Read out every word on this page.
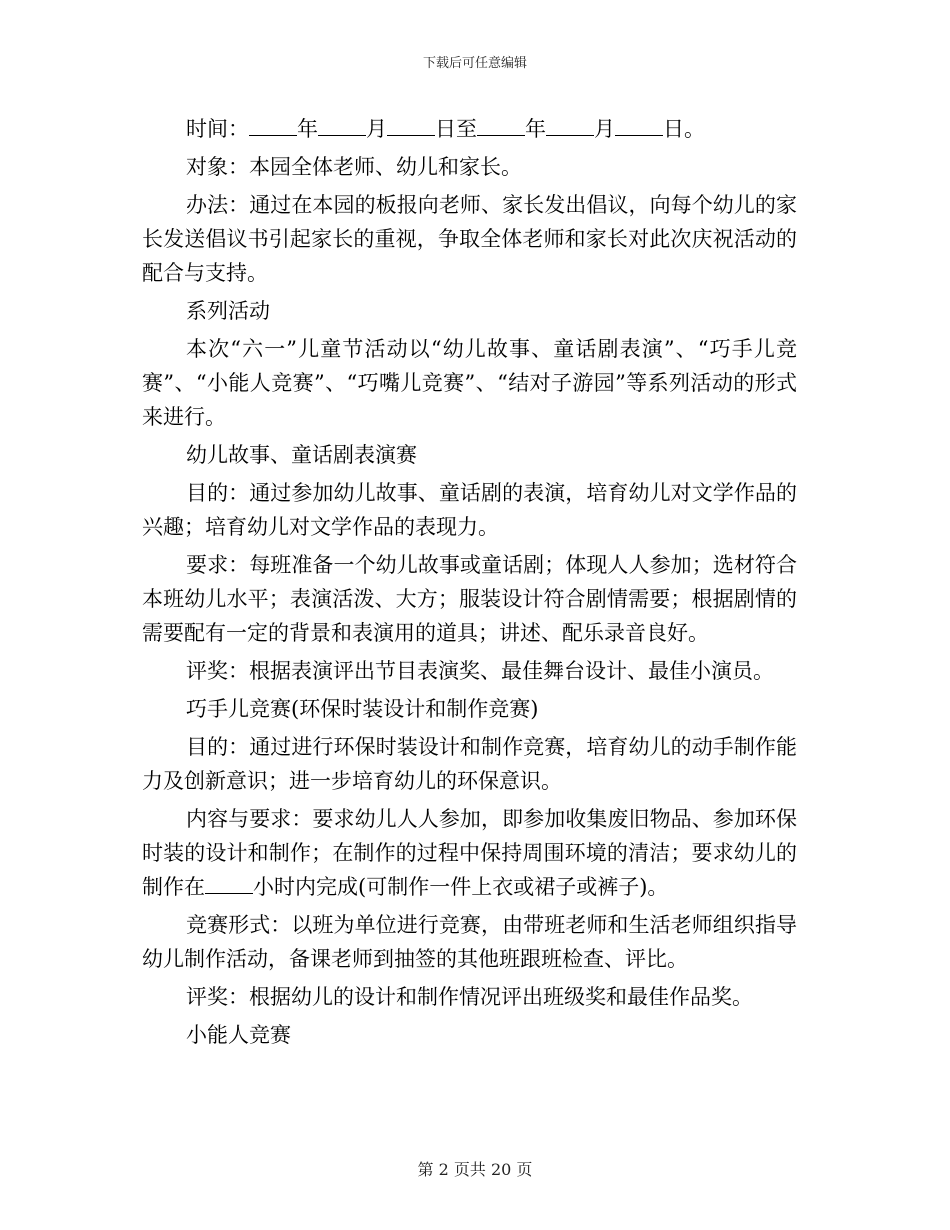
下载后可任意编辑

时间： 年 月 日至 年 月 日。

对象：本园全体老师、幼儿和家长。

办法：通过在本园的板报向老师、家长发出倡议，向每个幼儿的家长发送倡议书引起家长的重视，争取全体老师和家长对此次庆祝活动的配合与支持。

系列活动

本次“六一”儿童节活动以“幼儿故事、童话剧表演”、“巧手儿竞赛”、“小能人竞赛”、“巧嘴儿竞赛”、“结对子游园”等系列活动的形式来进行。

幼儿故事、童话剧表演赛

目的：通过参加幼儿故事、童话剧的表演，培育幼儿对文学作品的兴趣；培育幼儿对文学作品的表现力。

要求：每班准备一个幼儿故事或童话剧；体现人人参加；选材符合本班幼儿水平；表演活泼、大方；服装设计符合剧情需要；根据剧情的需要配有一定的背景和表演用的道具；讲述、配乐录音良好。

评奖：根据表演评出节目表演奖、最佳舞台设计、最佳小演员。

巧手儿竞赛(环保时装设计和制作竞赛)

目的：通过进行环保时装设计和制作竞赛，培育幼儿的动手制作能力及创新意识；进一步培育幼儿的环保意识。

内容与要求：要求幼儿人人参加，即参加收集废旧物品、参加环保时装的设计和制作；在制作的过程中保持周围环境的清洁；要求幼儿的制作在 小时内完成(可制作一件上衣或裙子或裤子)。

竞赛形式：以班为单位进行竞赛，由带班老师和生活老师组织指导幼儿制作活动，备课老师到抽签的其他班跟班检查、评比。

评奖：根据幼儿的设计和制作情况评出班级奖和最佳作品奖。

小能人竞赛

第 2 页共 20 页
